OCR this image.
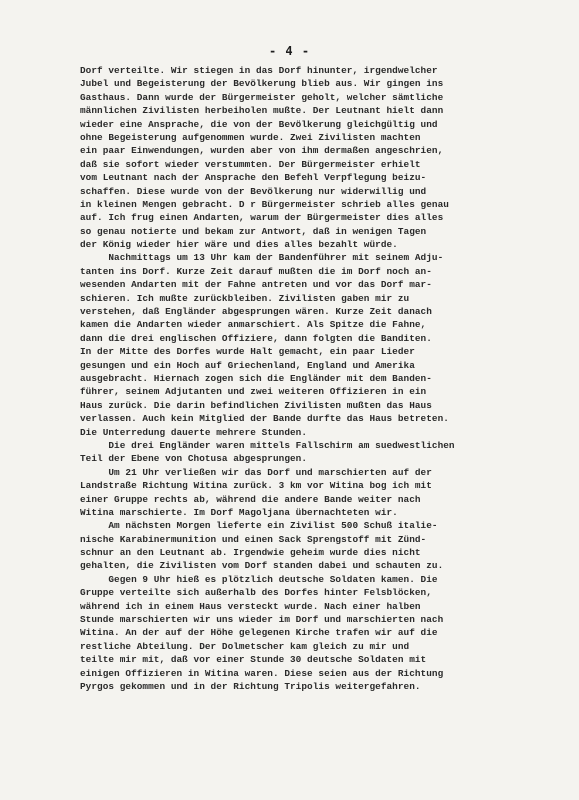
- 4 -
Dorf verteilte. Wir stiegen in das Dorf hinunter, irgendwelcher
Jubel und Begeisterung der Bevölkerung blieb aus. Wir gingen ins
Gasthaus. Dann wurde der Bürgermeister geholt, welcher sämtliche
männlichen Zivilisten herbeiholen mußte. Der Leutnant hielt dann
wieder eine Ansprache, die von der Bevölkerung gleichgültig und
ohne Begeisterung aufgenommen wurde. Zwei Zivilisten machten
ein paar Einwendungen, wurden aber von ihm dermaßen angeschrien,
daß sie sofort wieder verstummten. Der Bürgermeister erhielt
vom Leutnant nach der Ansprache den Befehl Verpflegung beizu-
schaffen. Diese wurde von der Bevölkerung nur widerwillig und
in kleinen Mengen gebracht. D r Bürgermeister schrieb alles genau
auf. Ich frug einen Andarten, warum der Bürgermeister dies alles
so genau notierte und bekam zur Antwort, daß in wenigen Tagen
der König wieder hier wäre und dies alles bezahlt würde.
Nachmittags um 13 Uhr kam der Bandenführer mit seinem Adju-
tanten ins Dorf. Kurze Zeit darauf mußten die im Dorf noch an-
wesenden Andarten mit der Fahne antreten und vor das Dorf mar-
schieren. Ich mußte zurückbleiben. Zivilisten gaben mir zu
verstehen, daß Engländer abgesprungen wären. Kurze Zeit danach
kamen die Andarten wieder anmarschiert. Als Spitze die Fahne,
dann die drei englischen Offiziere, dann folgten die Banditen.
In der Mitte des Dorfes wurde Halt gemacht, ein paar Lieder
gesungen und ein Hoch auf Griechenland, England und Amerika
ausgebracht. Hiernach zogen sich die Engländer mit dem Banden-
führer, seinem Adjutanten und zwei weiteren Offizieren in ein
Haus zurück. Die darin befindlichen Zivilisten mußten das Haus
verlassen. Auch kein Mitglied der Bande durfte das Haus betreten.
Die Unterredung dauerte mehrere Stunden.
Die drei Engländer waren mittels Fallschirm am suedwestlichen
Teil der Ebene von Chotusa abgesprungen.
Um 21 Uhr verließen wir das Dorf und marschierten auf der
Landstraße Richtung Witina zurück. 3 km vor Witina bog ich mit
einer Gruppe rechts ab, während die andere Bande weiter nach
Witina marschierte. Im Dorf Magoljana übernachteten wir.
Am nächsten Morgen lieferte ein Zivilist 500 Schuß italie-
nische Karabinermunition und einen Sack Sprengstoff mit Zünd-
schnur an den Leutnant ab. Irgendwie geheim wurde dies nicht
gehalten, die Zivilisten vom Dorf standen dabei und schauten zu.
Gegen 9 Uhr hieß es plötzlich deutsche Soldaten kamen. Die
Gruppe verteilte sich außerhalb des Dorfes hinter Felsblöcken,
während ich in einem Haus versteckt wurde. Nach einer halben
Stunde marschierten wir uns wieder im Dorf und marschierten nach
Witina. An der auf der Höhe gelegenen Kirche trafen wir auf die
restliche Abteilung. Der Dolmetscher kam gleich zu mir und
teilte mir mit, daß vor einer Stunde 30 deutsche Soldaten mit
einigen Offizieren in Witina waren. Diese seien aus der Richtung
Pyrgos gekommen und in der Richtung Tripolis weitergefahren.
